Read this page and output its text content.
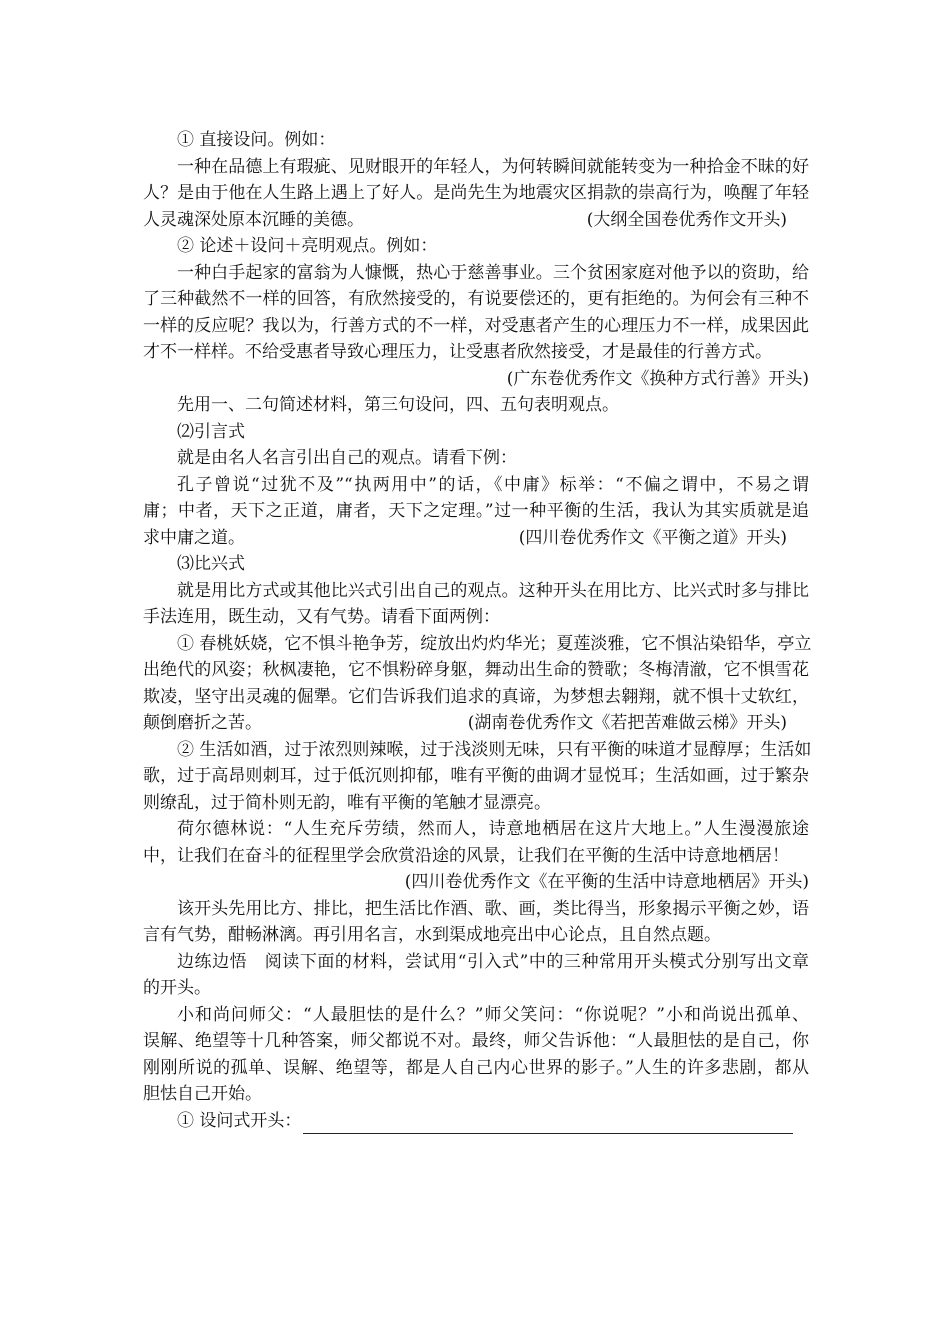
① 直接设问。例如：
一种在品德上有瑕疵、见财眼开的年轻人，为何转瞬间就能转变为一种拾金不昧的好
人？是由于他在人生路上遇上了好人。是尚先生为地震灾区捐款的崇高行为，唤醒了年轻
人灵魂深处原本沉睡的美德。	(大纲全国卷优秀作文开头)
② 论述＋设问＋亮明观点。例如：
一种白手起家的富翁为人慷慨，热心于慈善事业。三个贫困家庭对他予以的资助，给
了三种截然不一样的回答，有欣然接受的，有说要偿还的，更有拒绝的。为何会有三种不
一样的反应呢？我以为，行善方式的不一样，对受惠者产生的心理压力不一样，成果因此
才不一样样。不给受惠者导致心理压力，让受惠者欣然接受，才是最佳的行善方式。
(广东卷优秀作文《换种方式行善》开头)
先用一、二句简述材料，第三句设问，四、五句表明观点。
⑵引言式
就是由名人名言引出自己的观点。请看下例：
孔子曾说“过犹不及”“执两用中”的话，《中庸》标举：“不偏之谓中，不易之谓
庸；中者，天下之正道，庸者，天下之定理。”过一种平衡的生活，我认为其实质就是追
求中庸之道。	(四川卷优秀作文《平衡之道》开头)
⑶比兴式
就是用比方式或其他比兴式引出自己的观点。这种开头在用比方、比兴式时多与排比
手法连用，既生动，又有气势。请看下面两例：
① 春桃妖娆，它不惧斗艳争芳，绽放出灼灼华光；夏莲淡雅，它不惧沾染铅华，亭立
出绝代的风姿；秋枫凄艳，它不惧粉碎身躯，舞动出生命的赞歌；冬梅清澈，它不惧雪花
欺凌，坚守出灵魂的倔犟。它们告诉我们追求的真谛，为梦想去翱翔，就不惧十丈软红，
颠倒磨折之苦。	(湖南卷优秀作文《若把苦难做云梯》开头)
② 生活如酒，过于浓烈则辣喉，过于浅淡则无味，只有平衡的味道才显醇厚；生活如
歌，过于高昂则刺耳，过于低沉则抑郁，唯有平衡的曲调才显悦耳；生活如画，过于繁杂
则缭乱，过于简朴则无韵，唯有平衡的笔触才显漂亮。
荷尔德林说：“人生充斥劳绩，然而人，诗意地栖居在这片大地上。”人生漫漫旅途
中，让我们在奋斗的征程里学会欣赏沿途的风景，让我们在平衡的生活中诗意地栖居！
(四川卷优秀作文《在平衡的生活中诗意地栖居》开头)
该开头先用比方、排比，把生活比作酒、歌、画，类比得当，形象揭示平衡之妙，语
言有气势，酣畅淋漓。再引用名言，水到渠成地亮出中心论点，且自然点题。
边练边悟　阅读下面的材料，尝试用“引入式”中的三种常用开头模式分别写出文章
的开头。
小和尚问师父：“人最胆怯的是什么？”师父笑问：“你说呢？”小和尚说出孤单、
误解、绝望等十几种答案，师父都说不对。最终，师父告诉他：“人最胆怯的是自己，你
刚刚所说的孤单、误解、绝望等，都是人自己内心世界的影子。”人生的许多悲剧，都从
胆怯自己开始。
① 设问式开头：
